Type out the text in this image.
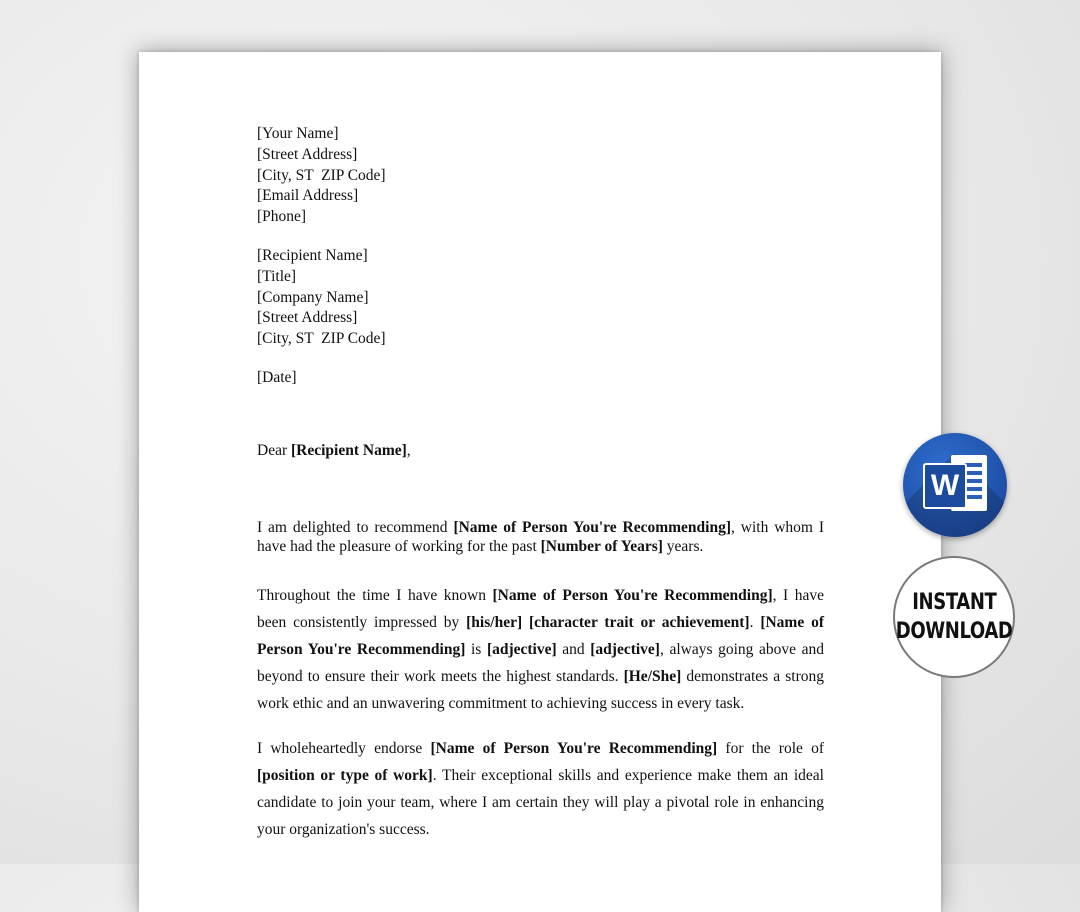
[Your Name]
[Street Address]
[City, ST  ZIP Code]
[Email Address]
[Phone]
[Recipient Name]
[Title]
[Company Name]
[Street Address]
[City, ST  ZIP Code]
[Date]
Dear [Recipient Name],

I am delighted to recommend [Name of Person You're Recommending], with whom I have had the pleasure of working for the past [Number of Years] years.

Throughout the time I have known [Name of Person You're Recommending], I have been consistently impressed by [his/her] [character trait or achievement]. [Name of Person You're Recommending] is [adjective] and [adjective], always going above and beyond to ensure their work meets the highest standards. [He/She] demonstrates a strong work ethic and an unwavering commitment to achieving success in every task.

I wholeheartedly endorse [Name of Person You're Recommending] for the role of [position or type of work]. Their exceptional skills and experience make them an ideal candidate to join your team, where I am certain they will play a pivotal role in enhancing your organization's success.

W
INSTANT
DOWNLOAD
